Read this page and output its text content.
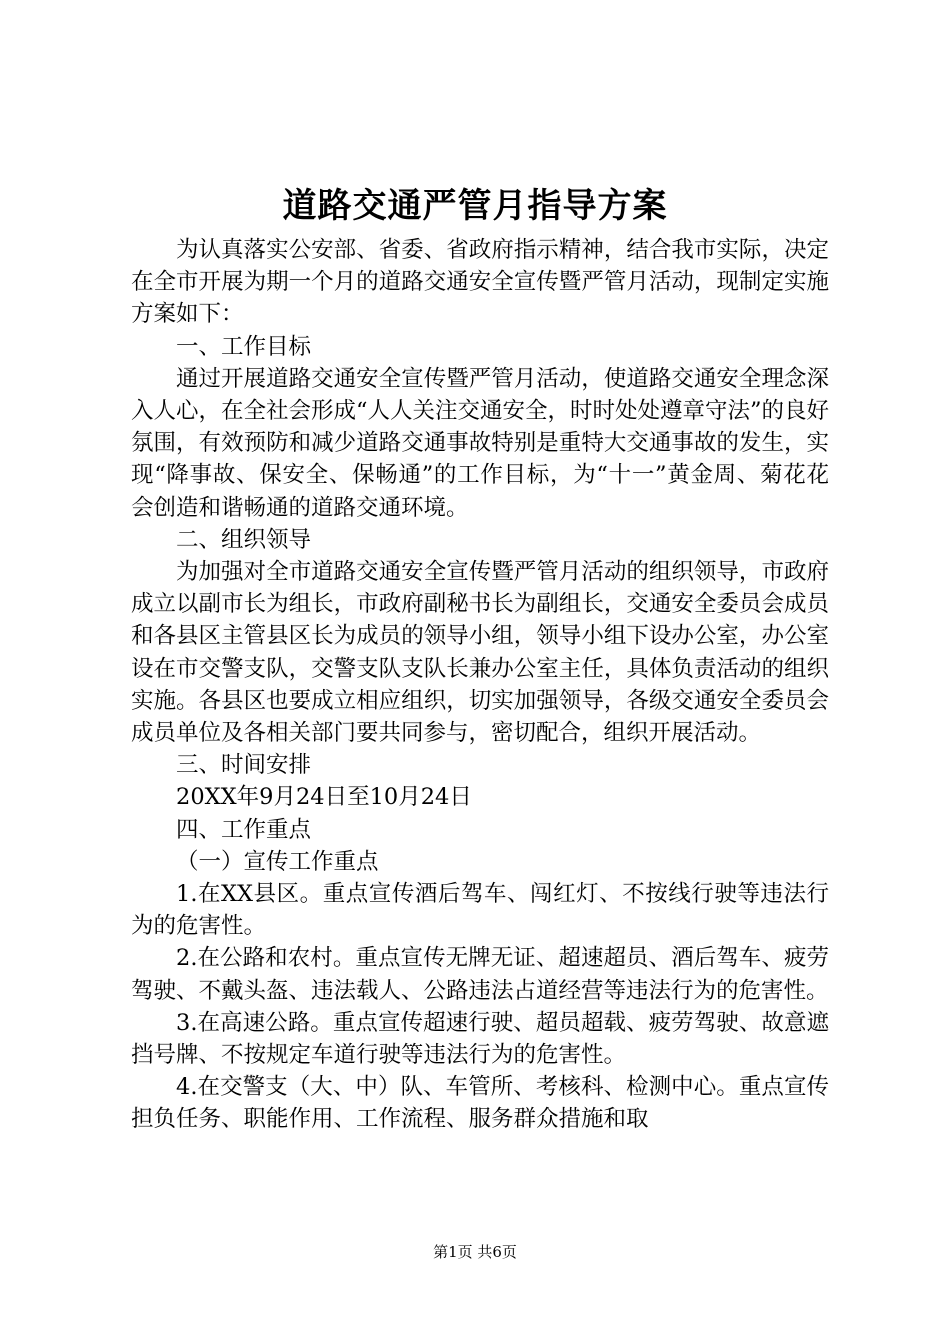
道路交通严管月指导方案

为认真落实公安部、省委、省政府指示精神，结合我市实际，决定在全市开展为期一个月的道路交通安全宣传暨严管月活动，现制定实施方案如下：

一、工作目标

通过开展道路交通安全宣传暨严管月活动，使道路交通安全理念深入人心，在全社会形成“人人关注交通安全，时时处处遵章守法”的良好氛围，有效预防和减少道路交通事故特别是重特大交通事故的发生，实现“降事故、保安全、保畅通”的工作目标，为“十一”黄金周、菊花花会创造和谐畅通的道路交通环境。

二、组织领导

为加强对全市道路交通安全宣传暨严管月活动的组织领导，市政府成立以副市长为组长，市政府副秘书长为副组长，交通安全委员会成员和各县区主管县区长为成员的领导小组，领导小组下设办公室，办公室设在市交警支队，交警支队支队长兼办公室主任，具体负责活动的组织实施。各县区也要成立相应组织，切实加强领导，各级交通安全委员会成员单位及各相关部门要共同参与，密切配合，组织开展活动。

三、时间安排

20XX年9月24日至10月24日

四、工作重点

（一）宣传工作重点

1.在XX县区。重点宣传酒后驾车、闯红灯、不按线行驶等违法行为的危害性。

2.在公路和农村。重点宣传无牌无证、超速超员、酒后驾车、疲劳驾驶、不戴头盔、违法载人、公路违法占道经营等违法行为的危害性。

3.在高速公路。重点宣传超速行驶、超员超载、疲劳驾驶、故意遮挡号牌、不按规定车道行驶等违法行为的危害性。

4.在交警支（大、中）队、车管所、考核科、检测中心。重点宣传担负任务、职能作用、工作流程、服务群众措施和取

第1页 共6页
